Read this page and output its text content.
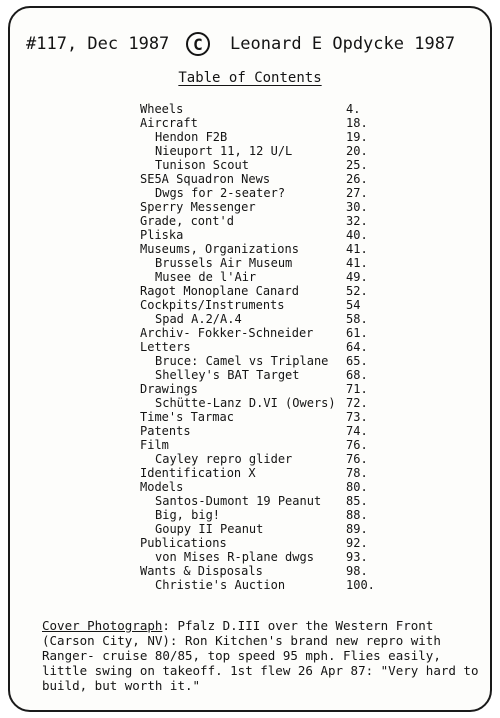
#117, Dec 1987	C	Leonard E Opdycke 1987
Table of Contents
Wheels	4.
Aircraft	18.
Hendon F2B	19.
Nieuport 11, 12 U/L	20.
Tunison Scout	25.
SE5A Squadron News	26.
Dwgs for 2-seater?	27.
Sperry Messenger	30.
Grade, cont'd	32.
Pliska	40.
Museums, Organizations	41.
Brussels Air Museum	41.
Musee de l'Air	49.
Ragot Monoplane Canard	52.
Cockpits/Instruments	54
Spad A.2/A.4	58.
Archiv- Fokker-Schneider	61.
Letters	64.
Bruce: Camel vs Triplane 65.
Shelley's BAT Target	68.
Drawings	71.
Schütte-Lanz D.VI (Owers) 72.
Time's Tarmac	73.
Patents	74.
Film	76.
Cayley repro glider	76.
Identification X	78.
Models	80.
Santos-Dumont 19 Peanut 85.
Big, big!	88.
Goupy II Peanut	89.
Publications	92.
von Mises R-plane dwgs	93.
Wants & Disposals	98.
Christie's Auction	100.

Cover Photograph: Pfalz D.III over the Western Front (Carson City, NV): Ron Kitchen's brand new repro with Ranger- cruise 80/85, top speed 95 mph. Flies easily, little swing on takeoff. 1st flew 26 Apr 87: "Very hard to build, but worth it."
